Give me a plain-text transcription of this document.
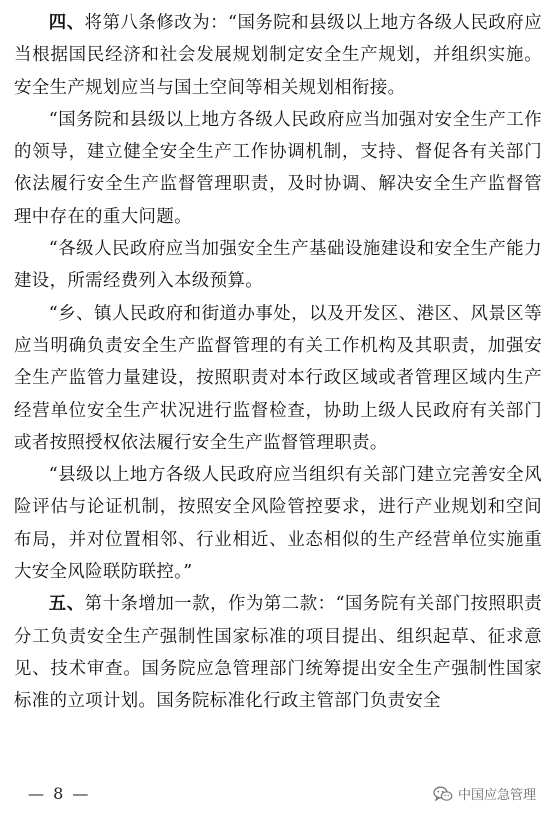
四、将第八条修改为：“国务院和县级以上地方各级人民政府应当根据国民经济和社会发展规划制定安全生产规划，并组织实施。安全生产规划应当与国土空间等相关规划相衔接。

“国务院和县级以上地方各级人民政府应当加强对安全生产工作的领导，建立健全安全生产工作协调机制，支持、督促各有关部门依法履行安全生产监督管理职责，及时协调、解决安全生产监督管理中存在的重大问题。

“各级人民政府应当加强安全生产基础设施建设和安全生产能力建设，所需经费列入本级预算。

“乡、镇人民政府和街道办事处，以及开发区、港区、风景区等应当明确负责安全生产监督管理的有关工作机构及其职责，加强安全生产监管力量建设，按照职责对本行政区域或者管理区域内生产经营单位安全生产状况进行监督检查，协助上级人民政府有关部门或者按照授权依法履行安全生产监督管理职责。

“县级以上地方各级人民政府应当组织有关部门建立完善安全风险评估与论证机制，按照安全风险管控要求，进行产业规划和空间布局，并对位置相邻、行业相近、业态相似的生产经营单位实施重大安全风险联防联控。”

五、第十条增加一款，作为第二款：“国务院有关部门按照职责分工负责安全生产强制性国家标准的项目提出、组织起草、征求意见、技术审查。国务院应急管理部门统筹提出安全生产强制性国家标准的立项计划。国务院标准化行政主管部门负责安全

— 8 —	中国应急管理
